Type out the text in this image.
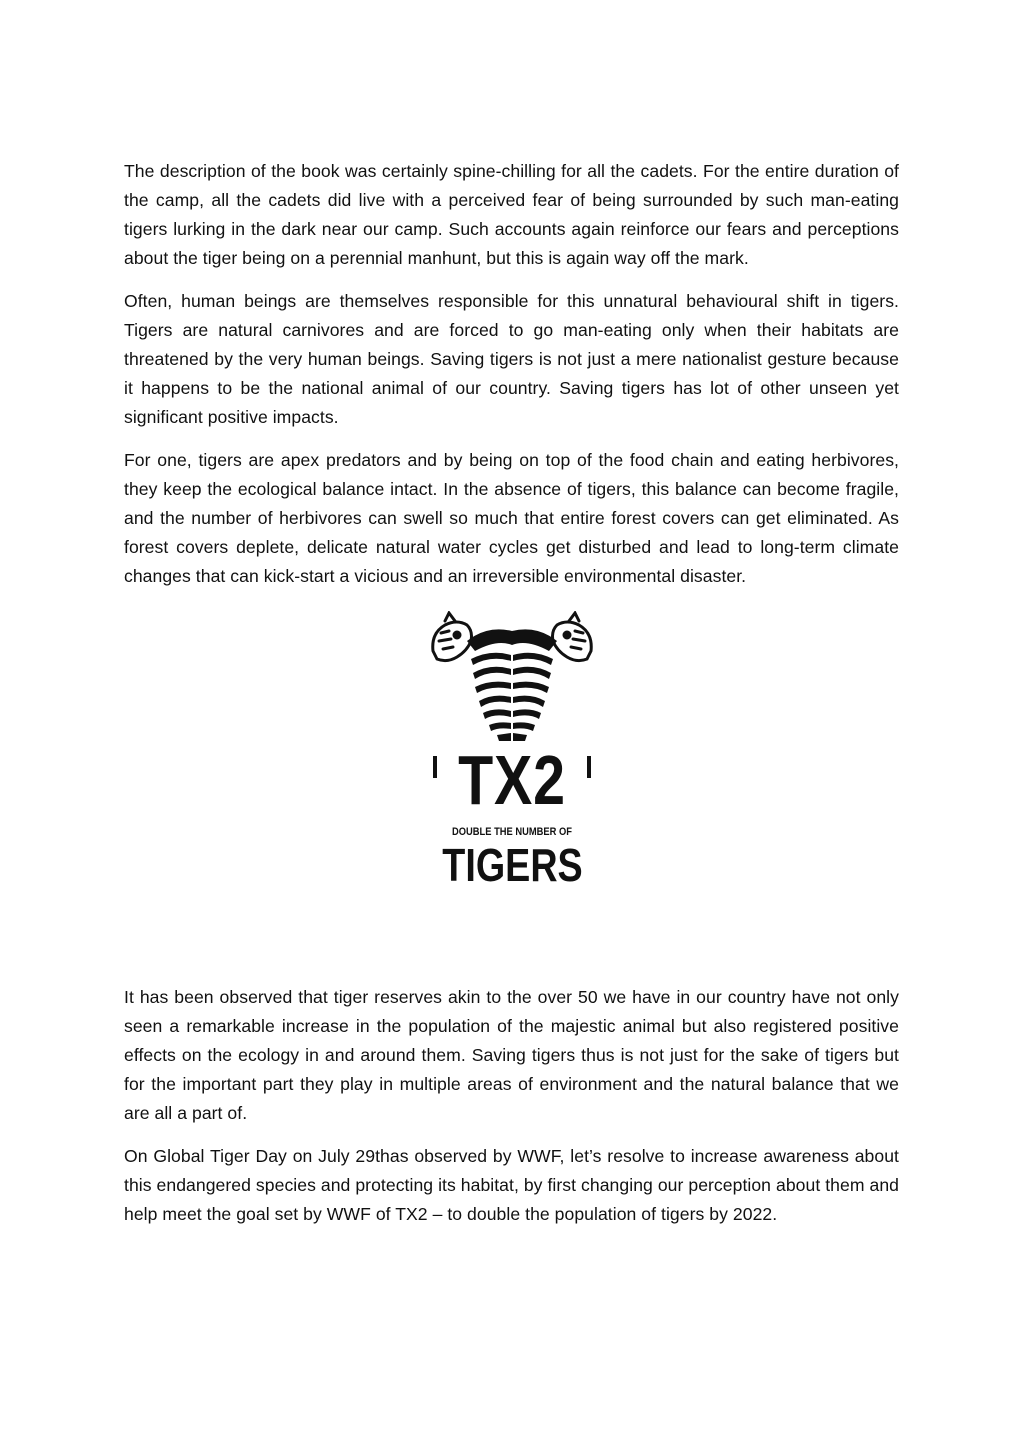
The description of the book was certainly spine-chilling for all the cadets. For the entire duration of the camp, all the cadets did live with a perceived fear of being surrounded by such man-eating tigers lurking in the dark near our camp. Such accounts again reinforce our fears and perceptions about the tiger being on a perennial manhunt, but this is again way off the mark.

Often, human beings are themselves responsible for this unnatural behavioural shift in tigers. Tigers are natural carnivores and are forced to go man-eating only when their habitats are threatened by the very human beings. Saving tigers is not just a mere nationalist gesture because it happens to be the national animal of our country. Saving tigers has lot of other unseen yet significant positive impacts.

For one, tigers are apex predators and by being on top of the food chain and eating herbivores, they keep the ecological balance intact. In the absence of tigers, this balance can become fragile, and the number of herbivores can swell so much that entire forest covers can get eliminated. As forest covers deplete, delicate natural water cycles get disturbed and lead to long-term climate changes that can kick-start a vicious and an irreversible environmental disaster.

TX2
DOUBLE THE NUMBER OF
TIGERS

It has been observed that tiger reserves akin to the over 50 we have in our country have not only seen a remarkable increase in the population of the majestic animal but also registered positive effects on the ecology in and around them. Saving tigers thus is not just for the sake of tigers but for the important part they play in multiple areas of environment and the natural balance that we are all a part of.

On Global Tiger Day on July 29thas observed by WWF, let’s resolve to increase awareness about this endangered species and protecting its habitat, by first changing our perception about them and help meet the goal set by WWF of TX2 – to double the population of tigers by 2022.
